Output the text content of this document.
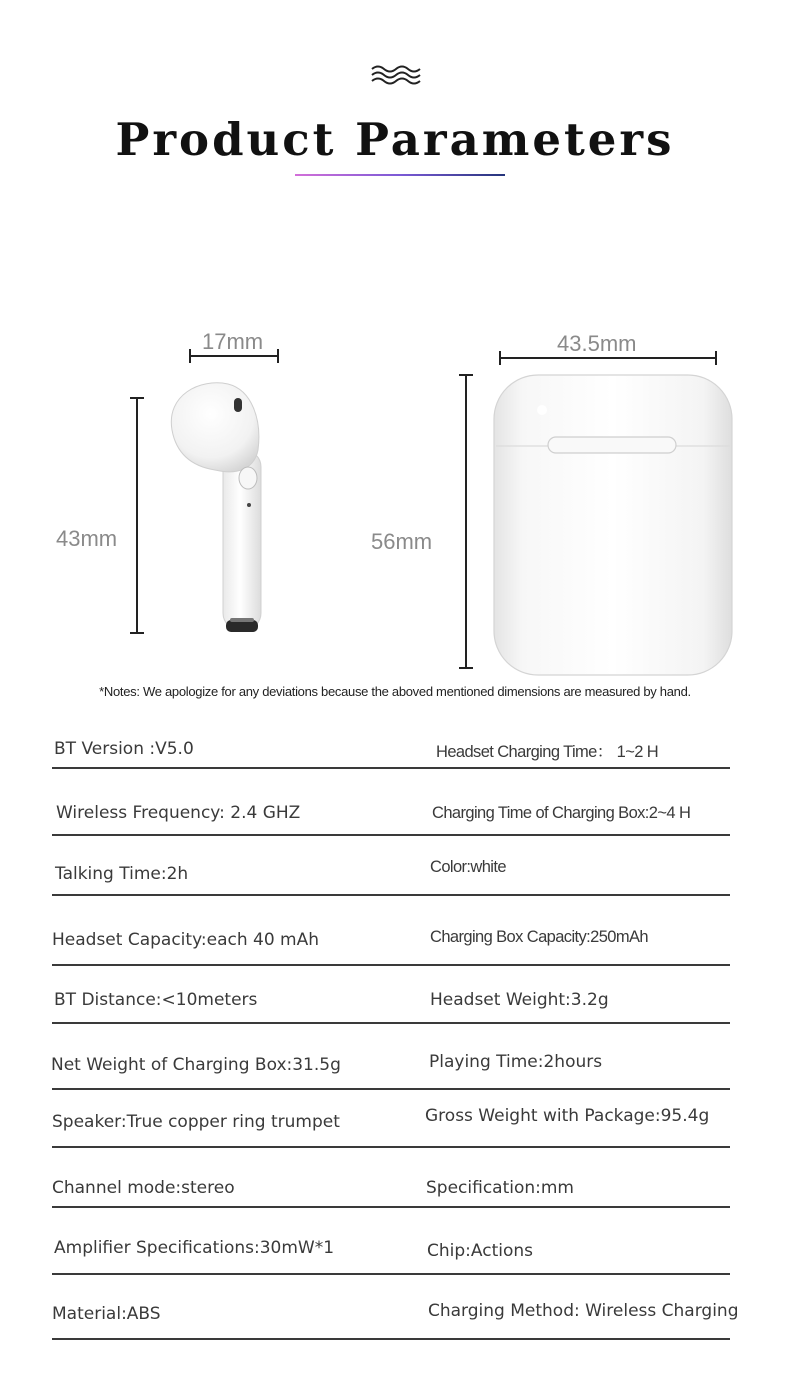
Product Parameters
17mm
43mm
43.5mm
56mm
*Notes: We apologize for any deviations because the aboved mentioned dimensions are measured by hand.
BT Version :V5.0
Wireless Frequency: 2.4 GHZ
Talking Time:2h
Headset Capacity:each 40 mAh
BT Distance:<10meters
Net Weight of Charging Box:31.5g
Speaker:True copper ring trumpet
Channel mode:stereo
Amplifier Specifications:30mW*1
Material:ABS
Headset Charging Time： 1~2 H
Charging Time of Charging Box:2~4 H
Color:white
Charging Box Capacity:250mAh
Headset Weight:3.2g
Playing Time:2hours
Gross Weight with Package:95.4g
Specification:mm
Chip:Actions
Charging Method: Wireless Charging
